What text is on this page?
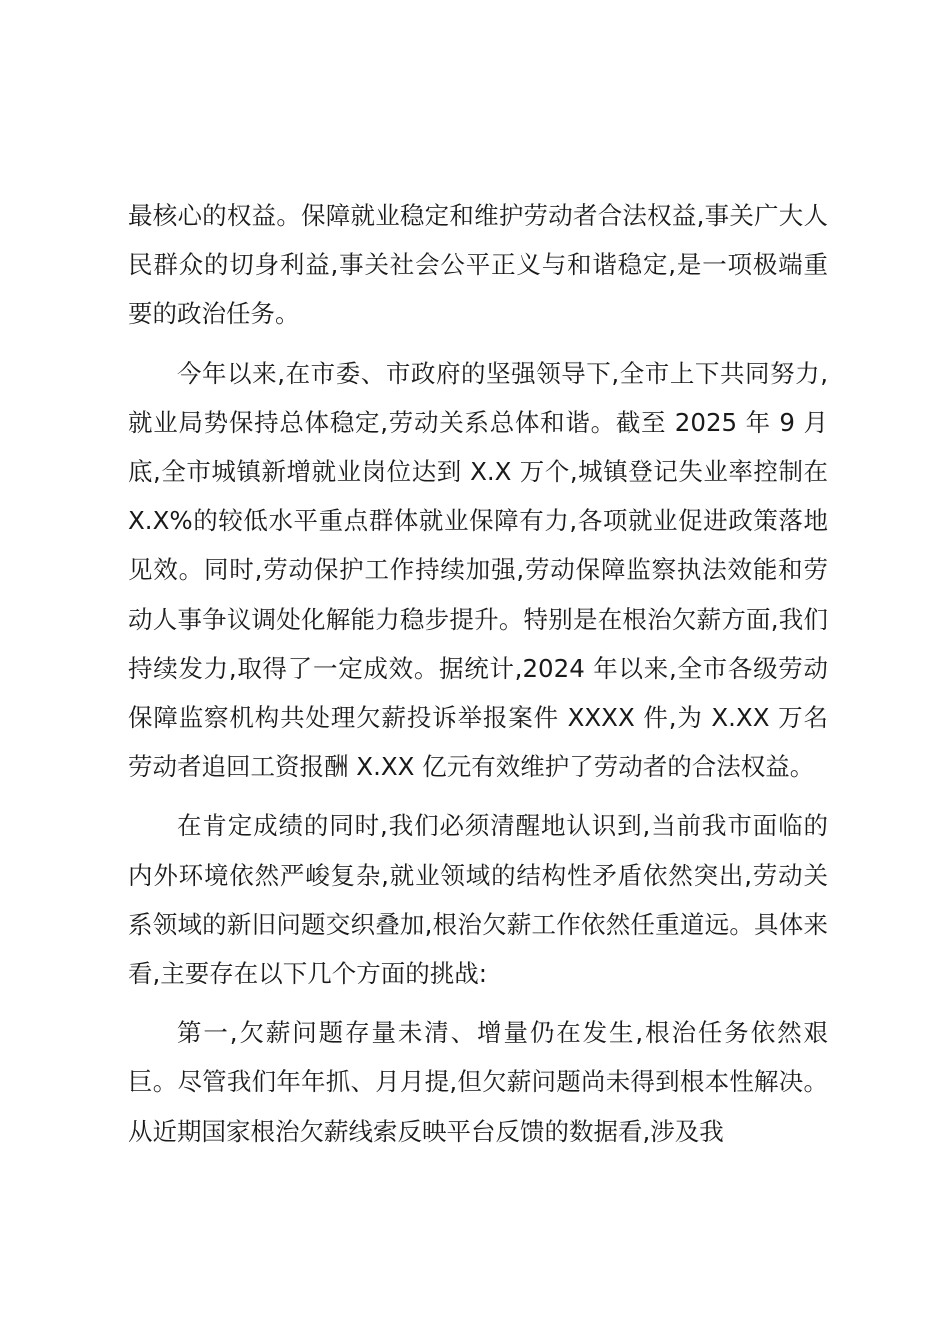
最核心的权益。保障就业稳定和维护劳动者合法权益,事关广大人民群众的切身利益,事关社会公平正义与和谐稳定,是一项极端重要的政治任务。

今年以来,在市委、市政府的坚强领导下,全市上下共同努力,就业局势保持总体稳定,劳动关系总体和谐。截至 2025 年 9 月底,全市城镇新增就业岗位达到 X.X 万个,城镇登记失业率控制在 X.X%的较低水平重点群体就业保障有力,各项就业促进政策落地见效。同时,劳动保护工作持续加强,劳动保障监察执法效能和劳动人事争议调处化解能力稳步提升。特别是在根治欠薪方面,我们持续发力,取得了一定成效。据统计,2024 年以来,全市各级劳动保障监察机构共处理欠薪投诉举报案件 XXXX 件,为 X.XX 万名劳动者追回工资报酬 X.XX 亿元有效维护了劳动者的合法权益。

在肯定成绩的同时,我们必须清醒地认识到,当前我市面临的内外环境依然严峻复杂,就业领域的结构性矛盾依然突出,劳动关系领域的新旧问题交织叠加,根治欠薪工作依然任重道远。具体来看,主要存在以下几个方面的挑战:

第一,欠薪问题存量未清、增量仍在发生,根治任务依然艰巨。尽管我们年年抓、月月提,但欠薪问题尚未得到根本性解决。从近期国家根治欠薪线索反映平台反馈的数据看,涉及我
